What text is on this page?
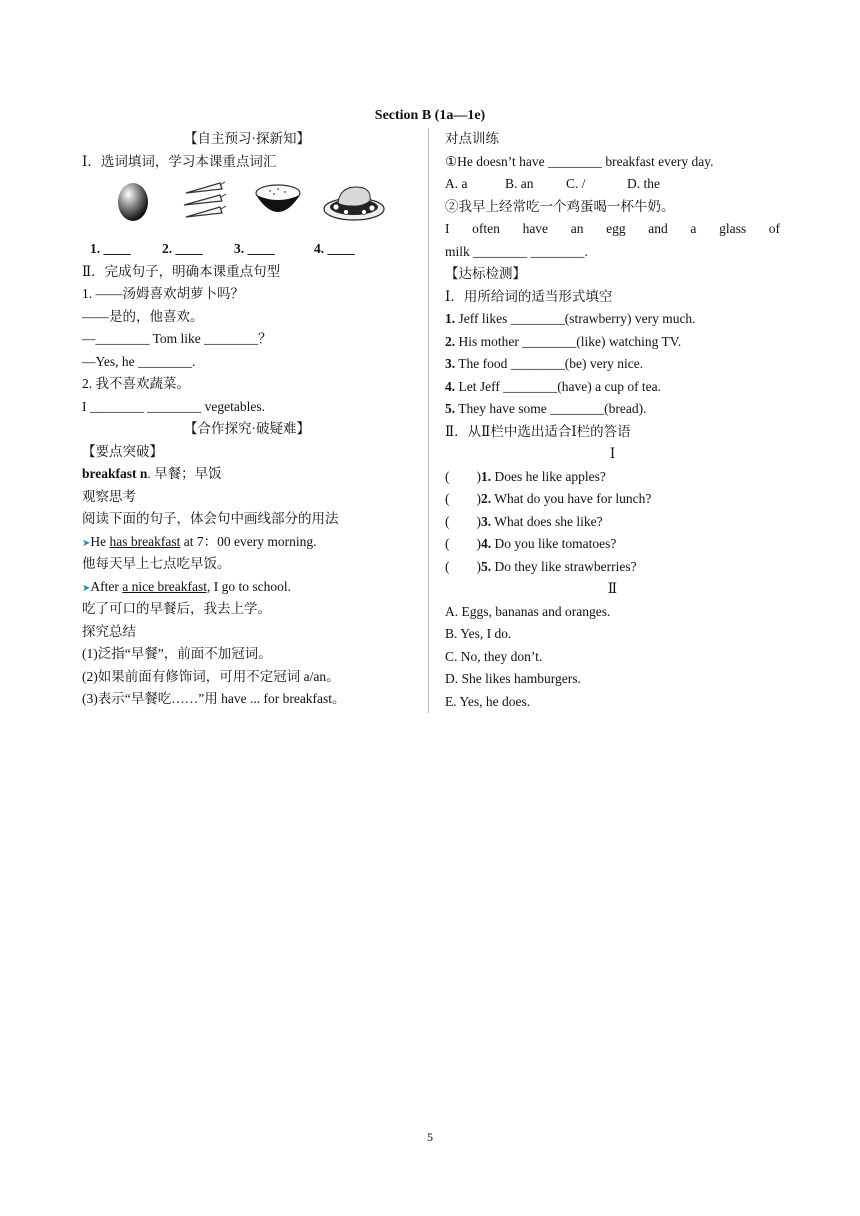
Section B (1a—1e)
【自主预习·探新知】
Ⅰ．选词填词，学习本课重点词汇
1. ____ 2. ____ 3. ____	4. ____
Ⅱ．完成句子，明确本课重点句型
1. ——汤姆喜欢胡萝卜吗？
——是的，他喜欢。
—________ Tom like ________？
—Yes, he ________.
2. 我不喜欢蔬菜。
I ________ ________ vegetables.
【合作探究·破疑难】
【要点突破】
breakfast n. 早餐；早饭
观察思考
阅读下面的句子，体会句中画线部分的用法
➤He has breakfast at 7：00 every morning.
他每天早上七点吃早饭。
➤After a nice breakfast, I go to school.
吃了可口的早餐后，我去上学。
探究总结
(1)泛指“早餐”，前面不加冠词。
(2)如果前面有修饰词，可用不定冠词 a/an。
(3)表示“早餐吃……”用 have ... for breakfast。
对点训练
①He doesn’t have ________ breakfast every day.
A. a	B. an C. /	D. the
②我早上经常吃一个鸡蛋喝一杯牛奶。
I often have an egg and a glass of
milk ________ ________.
【达标检测】
Ⅰ．用所给词的适当形式填空
1. Jeff likes ________(strawberry) very much.
2. His mother ________(like) watching TV.
3. The food ________(be) very nice.
4. Let Jeff ________(have) a cup of tea.
5. They have some ________(bread).
Ⅱ．从Ⅱ栏中选出适合Ⅰ栏的答语
Ⅰ
(        )1. Does he like apples?
(        )2. What do you have for lunch?
(        )3. What does she like?
(        )4. Do you like tomatoes?
(        )5. Do they like strawberries?
Ⅱ
A. Eggs, bananas and oranges.
B. Yes, I do.
C. No, they don’t.
D. She likes hamburgers.
E. Yes, he does.
5
